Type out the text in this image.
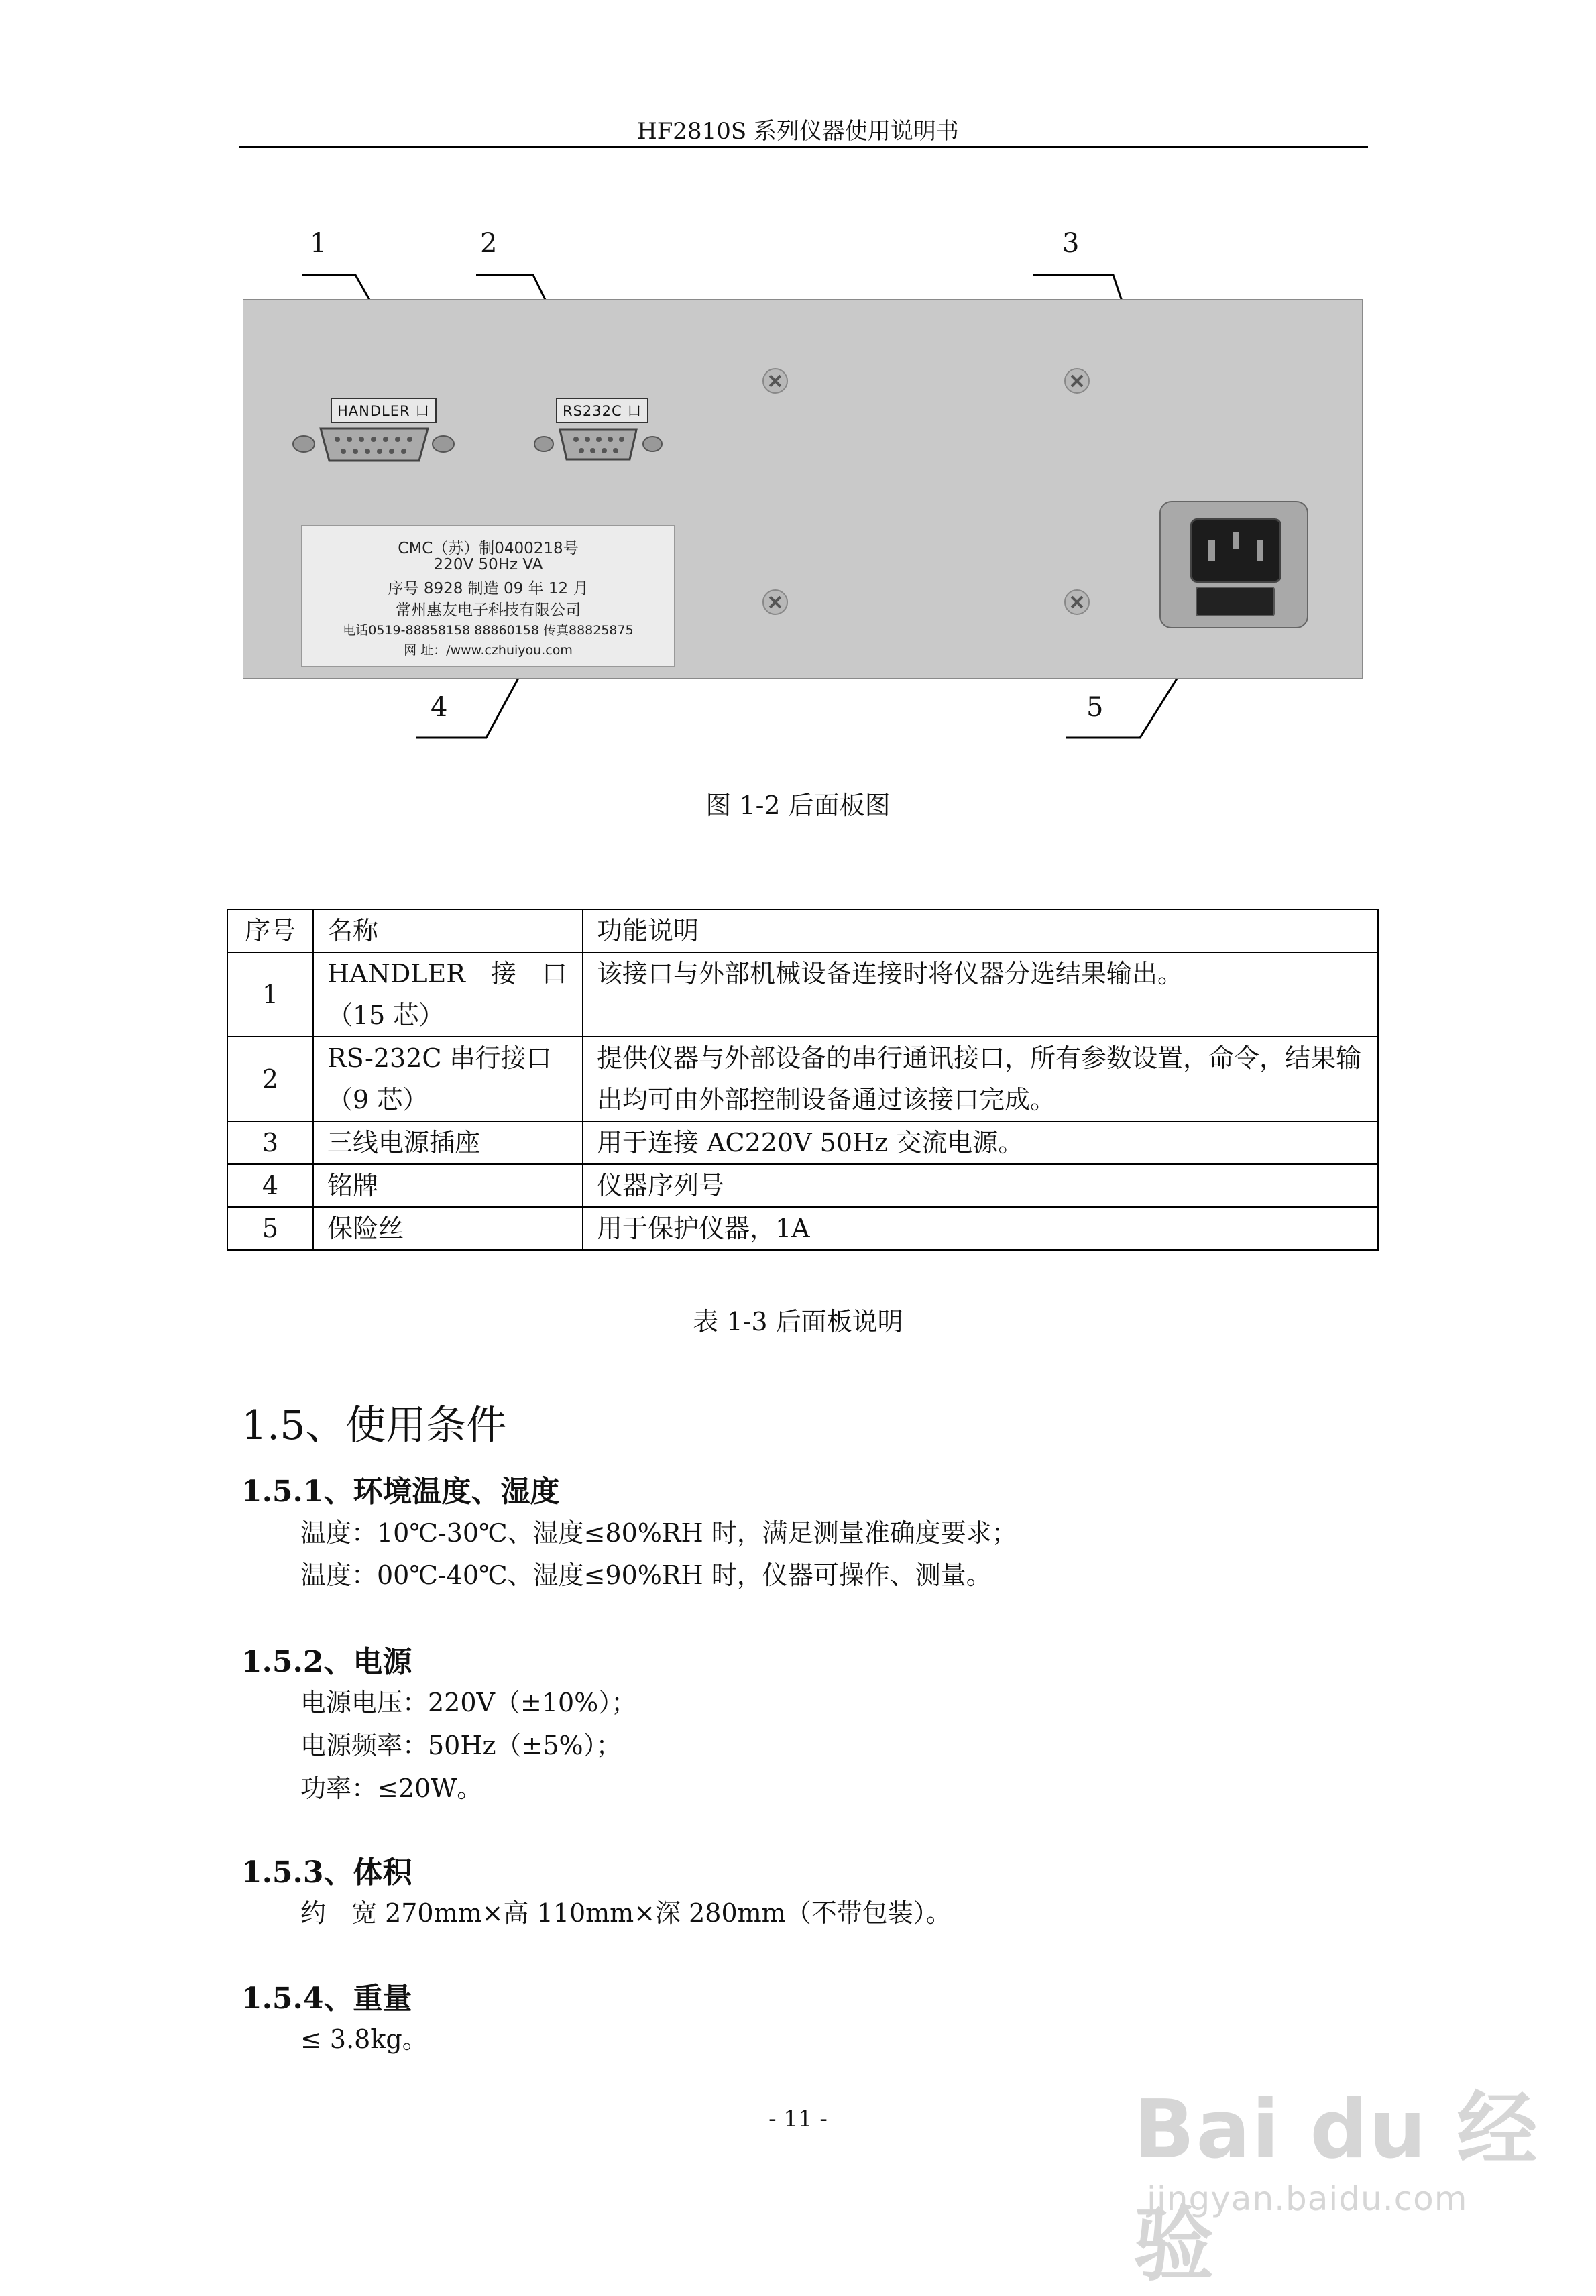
HF2810S 系列仪器使用说明书
1	2	3
4	5
HANDLER 口	RS232C 口
CMC（苏）制0400218号
220V 50Hz VA
序号 8928 制造 09 年 12 月
常州惠友电子科技有限公司
电话0519-88858158 88860158 传真88825875
网 址：/www.czhuiyou.com
图 1-2 后面板图
序号	名称	功能说明
1	HANDLER　接　口（15 芯）	该接口与外部机械设备连接时将仪器分选结果输出。
2	RS-232C 串行接口（9 芯）	提供仪器与外部设备的串行通讯接口，所有参数设置，命令，结果输出均可由外部控制设备通过该接口完成。
3	三线电源插座	用于连接 AC220V 50Hz 交流电源。
4	铭牌	仪器序列号
5	保险丝	用于保护仪器，1A
表 1-3 后面板说明
1.5、使用条件
1.5.1、环境温度、湿度
温度：10℃-30℃、湿度≤80%RH 时，满足测量准确度要求；
温度：00℃-40℃、湿度≤90%RH 时，仪器可操作、测量。
1.5.2、电源
电源电压：220V（±10%）；
电源频率：50Hz（±5%）；
功率：≤20W。
1.5.3、体积
约　宽 270mm×高 110mm×深 280mm（不带包装）。
1.5.4、重量
≤ 3.8kg。
- 11 -	Bai du 经验
jingyan.baidu.com
